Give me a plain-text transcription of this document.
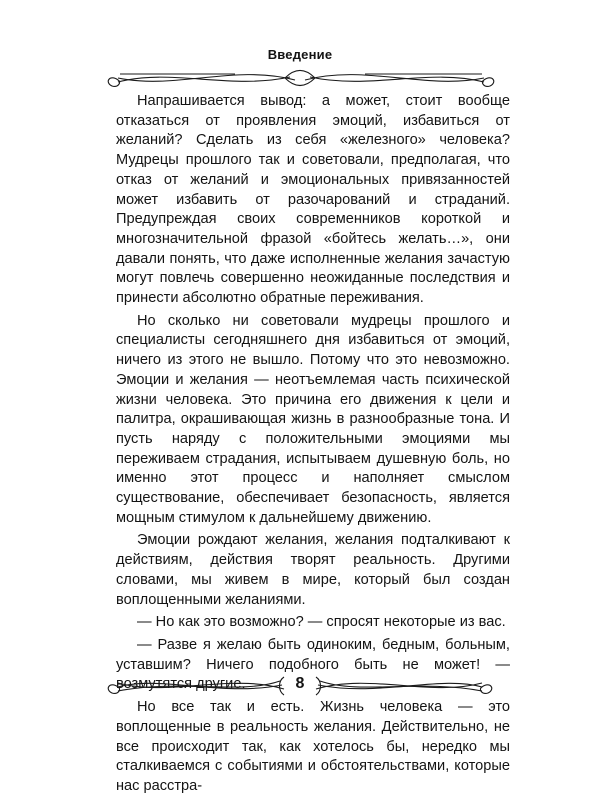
Введение

Напрашивается вывод: а может, стоит вообще отказаться от проявления эмоций, избавиться от желаний? Сделать из себя «железного» человека? Мудрецы прошлого так и советовали, предполагая, что отказ от желаний и эмоциональных привязанностей может избавить от разочарований и страданий. Предупреждая своих современников короткой и многозначительной фразой «бойтесь желать…», они давали понять, что даже исполненные желания зачастую могут повлечь совершенно неожиданные последствия и принести абсолютно обратные переживания.

Но сколько ни советовали мудрецы прошлого и специалисты сегодняшнего дня избавиться от эмоций, ничего из этого не вышло. Потому что это невозможно. Эмоции и желания — неотъемлемая часть психической жизни человека. Это причина его движения к цели и палитра, окрашивающая жизнь в разнообразные тона. И пусть наряду с положительными эмоциями мы переживаем страдания, испытываем душевную боль, но именно этот процесс и наполняет смыслом существование, обеспечивает безопасность, является мощным стимулом к дальнейшему движению.

Эмоции рождают желания, желания подталкивают к действиям, действия творят реальность. Другими словами, мы живем в мире, который был создан воплощенными желаниями.

— Но как это возможно? — спросят некоторые из вас.

— Разве я желаю быть одиноким, бедным, больным, уставшим? Ничего подобного быть не может! — возмутятся другие.

Но все так и есть. Жизнь человека — это воплощенные в реальность желания. Действительно, не все происходит так, как хотелось бы, нередко мы сталкиваемся с событиями и обстоятельствами, которые нас расстра-

8
